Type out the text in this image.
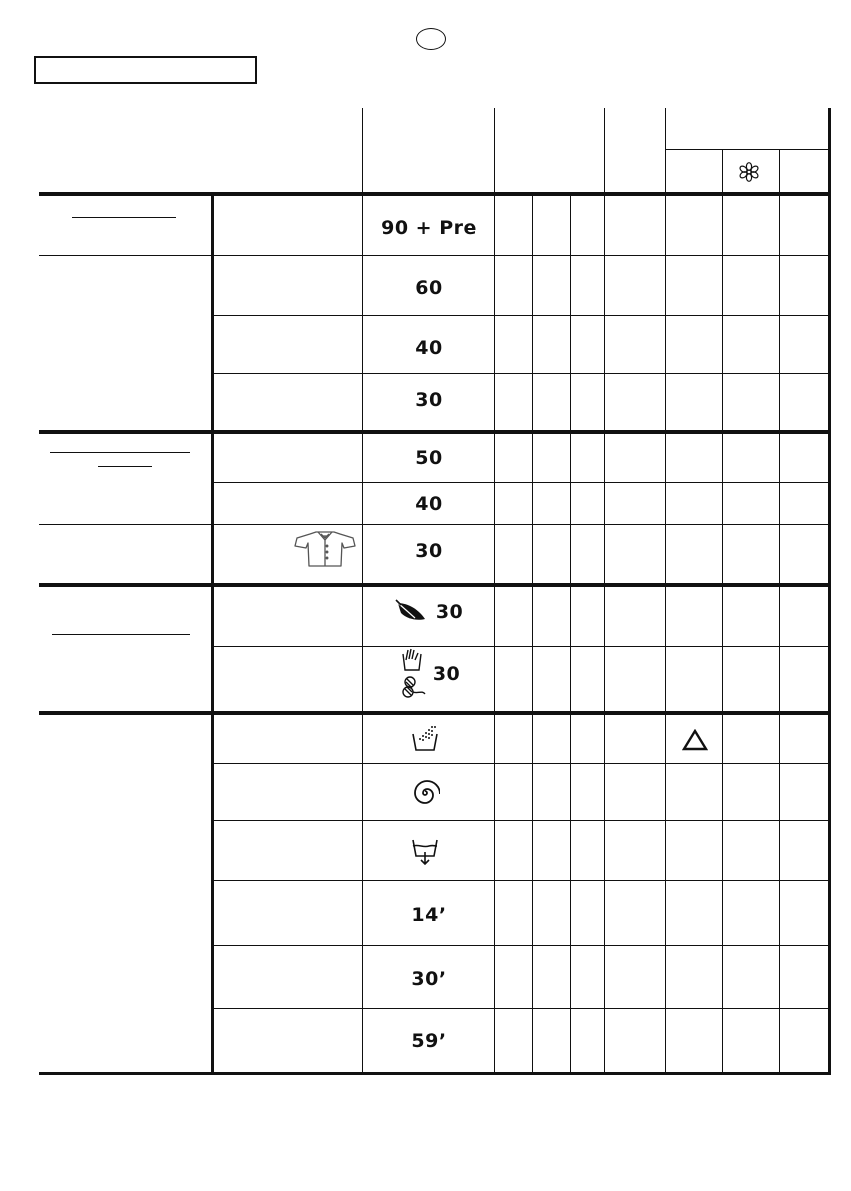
90 + Pre
60
40
30
50
40
30
30
30

14’
30’
59’
